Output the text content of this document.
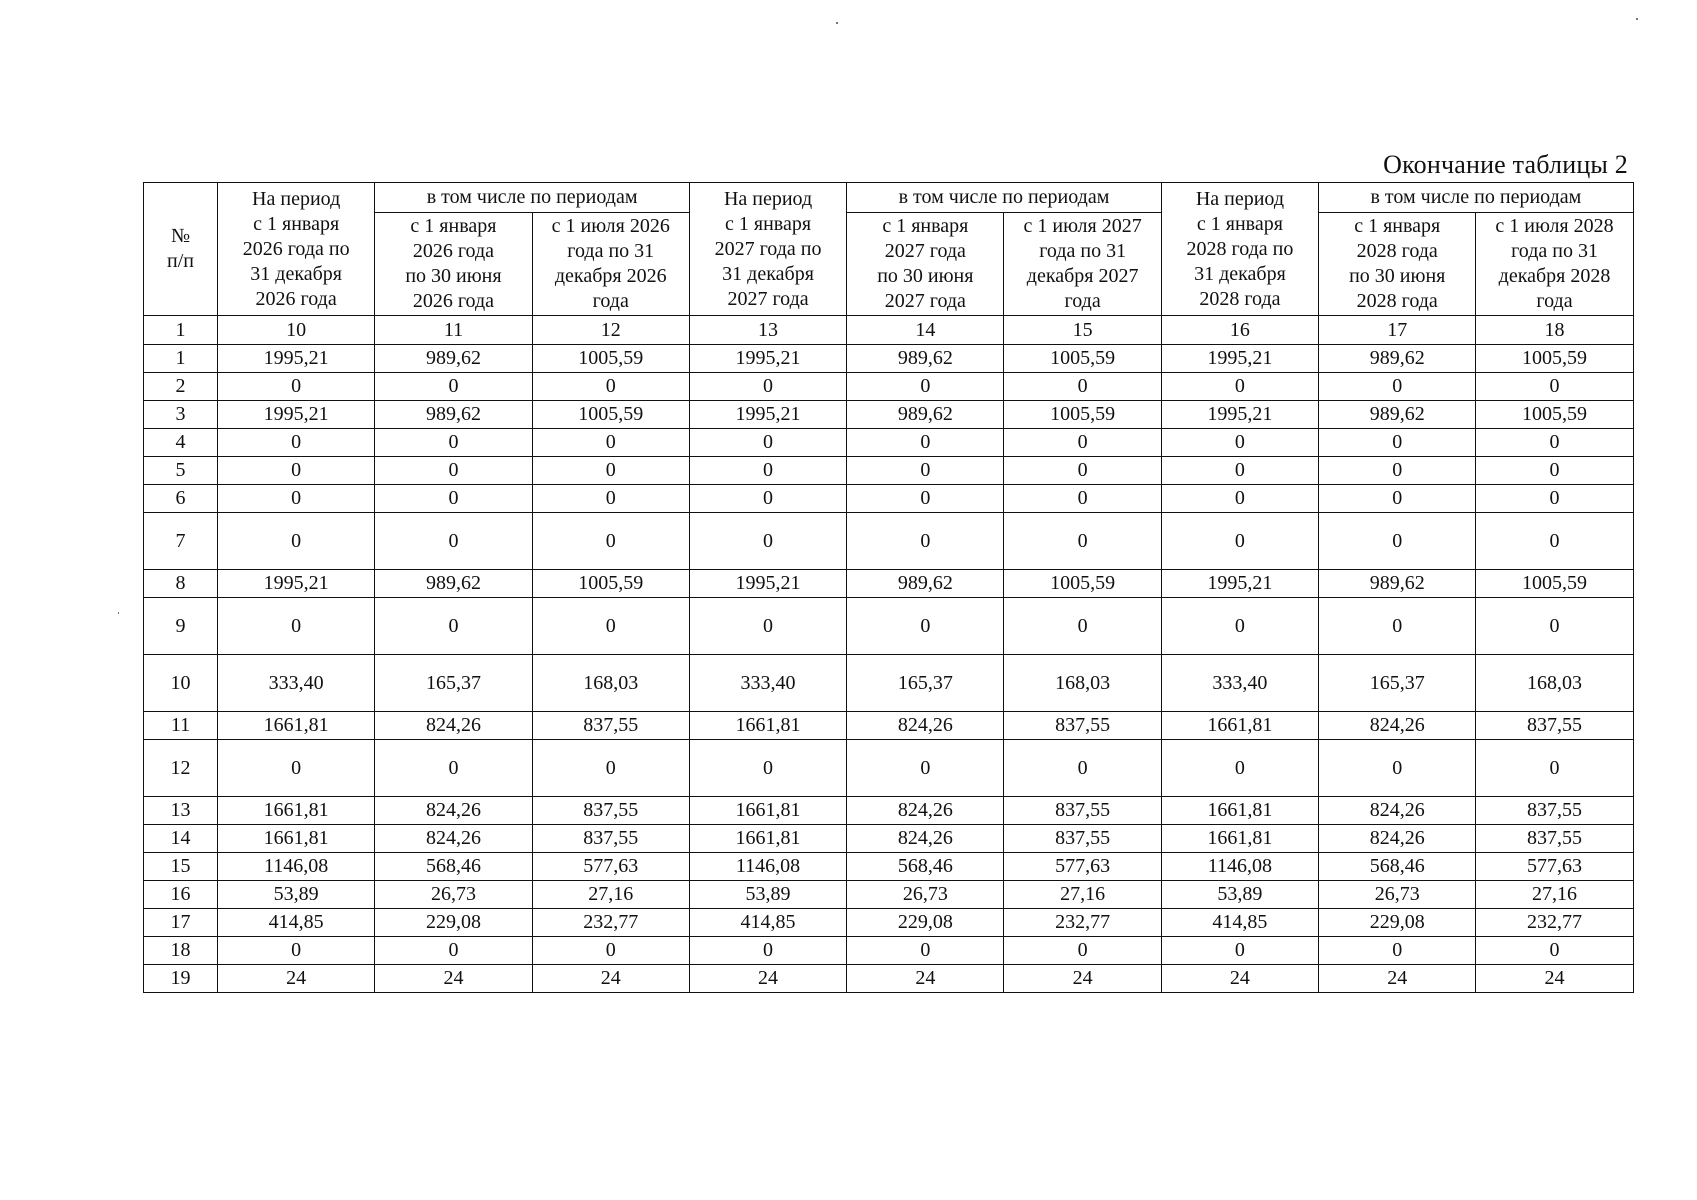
Окончание таблицы 2
№
п/п	На период
с 1 января
2026 года по
31 декабря
2026 года	в том числе по периодам		На период
с 1 января
2027 года по
31 декабря
2027 года	в том числе по периодам		На период
с 1 января
2028 года по
31 декабря
2028 года	в том числе по периодам	
		с 1 января
2026 года
по 30 июня
2026 года	с 1 июля 2026
года по 31
декабря 2026
года		с 1 января
2027 года
по 30 июня
2027 года	с 1 июля 2027
года по 31
декабря 2027
года		с 1 января
2028 года
по 30 июня
2028 года	с 1 июля 2028
года по 31
декабря 2028
года
1	10	11	12	13	14	15	16	17	18
1	1995,21	989,62	1005,59	1995,21	989,62	1005,59	1995,21	989,62	1005,59
2	0	0	0	0	0	0	0	0	0
3	1995,21	989,62	1005,59	1995,21	989,62	1005,59	1995,21	989,62	1005,59
4	0	0	0	0	0	0	0	0	0
5	0	0	0	0	0	0	0	0	0
6	0	0	0	0	0	0	0	0	0
7	0	0	0	0	0	0	0	0	0
8	1995,21	989,62	1005,59	1995,21	989,62	1005,59	1995,21	989,62	1005,59
9	0	0	0	0	0	0	0	0	0
10	333,40	165,37	168,03	333,40	165,37	168,03	333,40	165,37	168,03
11	1661,81	824,26	837,55	1661,81	824,26	837,55	1661,81	824,26	837,55
12	0	0	0	0	0	0	0	0	0
13	1661,81	824,26	837,55	1661,81	824,26	837,55	1661,81	824,26	837,55
14	1661,81	824,26	837,55	1661,81	824,26	837,55	1661,81	824,26	837,55
15	1146,08	568,46	577,63	1146,08	568,46	577,63	1146,08	568,46	577,63
16	53,89	26,73	27,16	53,89	26,73	27,16	53,89	26,73	27,16
17	414,85	229,08	232,77	414,85	229,08	232,77	414,85	229,08	232,77
18	0	0	0	0	0	0	0	0	0
19	24	24	24	24	24	24	24	24	24
